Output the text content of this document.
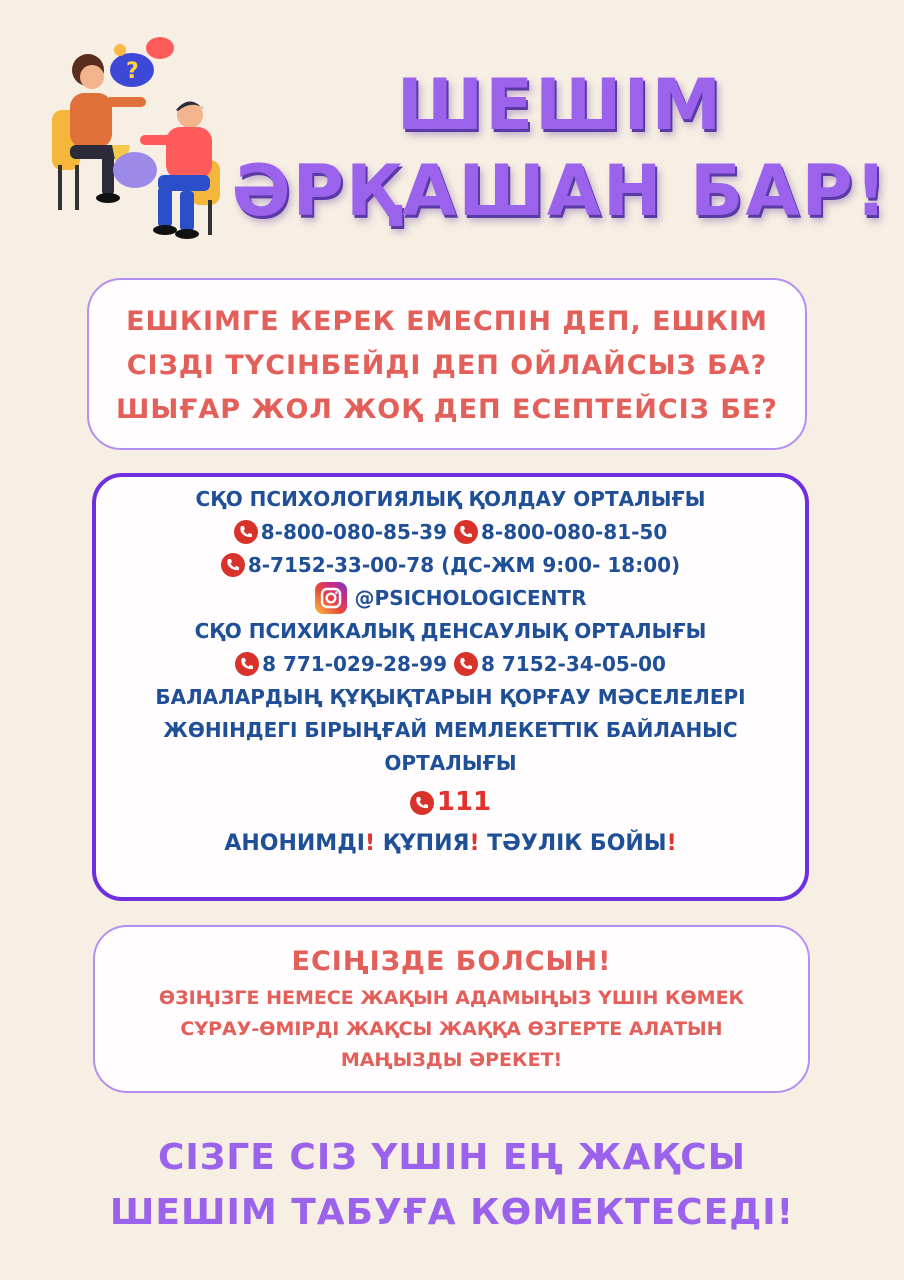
?	ШЕШІМ
ӘРҚАШАН БАР!
ЕШКІМГЕ КЕРЕК ЕМЕСПІН ДЕП, ЕШКІМ
СІЗДІ ТҮСІНБЕЙДІ ДЕП ОЙЛАЙСЫЗ БА?
ШЫҒАР ЖОЛ ЖОҚ ДЕП ЕСЕПТЕЙСІЗ БЕ?
СҚО ПСИХОЛОГИЯЛЫҚ ҚОЛДАУ ОРТАЛЫҒЫ
8-800-080-85-39 8-800-080-81-50
8-7152-33-00-78 (ДС-ЖМ 9:00- 18:00)
@PSICHOLOGICENTR
СҚО ПСИХИКАЛЫҚ ДЕНСАУЛЫҚ ОРТАЛЫҒЫ
8 771-029-28-99 8 7152-34-05-00
БАЛАЛАРДЫҢ ҚҰҚЫҚТАРЫН ҚОРҒАУ МӘСЕЛЕЛЕРІ
ЖӨНІНДЕГІ БІРЫҢҒАЙ МЕМЛЕКЕТТІК БАЙЛАНЫС
ОРТАЛЫҒЫ
111
АНОНИМДІ! ҚҰПИЯ! ТӘУЛІК БОЙЫ!
ЕСІҢІЗДЕ БОЛСЫН!
ӨЗІҢІЗГЕ НЕМЕСЕ ЖАҚЫН АДАМЫҢЫЗ ҮШІН КӨМЕК
СҰРАУ-ӨМІРДІ ЖАҚСЫ ЖАҚҚА ӨЗГЕРТЕ АЛАТЫН
МАҢЫЗДЫ ӘРЕКЕТ!
СІЗГЕ СІЗ ҮШІН ЕҢ ЖАҚСЫ
ШЕШІМ ТАБУҒА КӨМЕКТЕСЕДІ!
